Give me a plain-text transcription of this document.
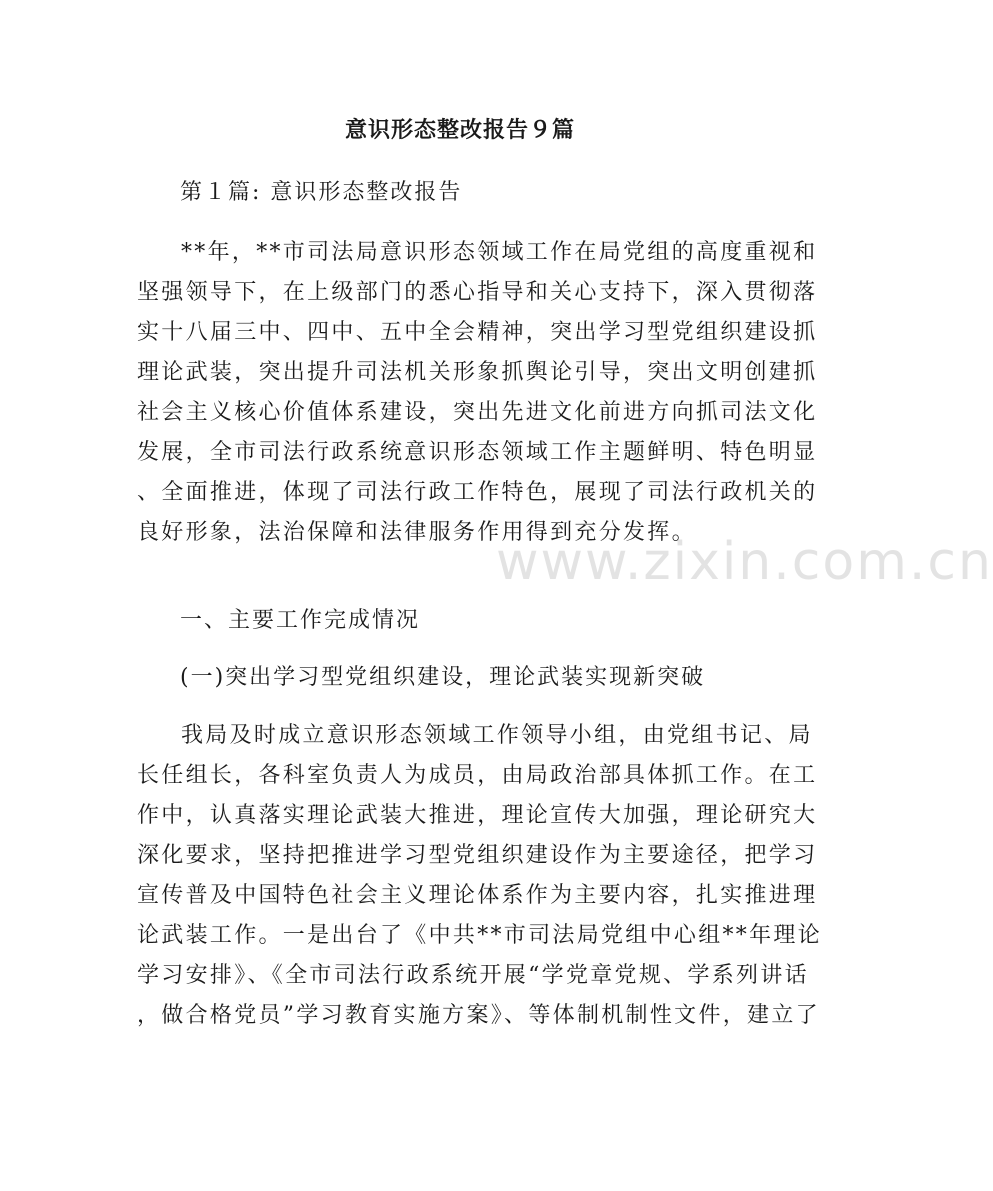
www.zixin.com.cn
意识形态整改报告９篇
第１篇: 意识形态整改报告
**年，**市司法局意识形态领域工作在局党组的高度重视和
坚强领导下，在上级部门的悉心指导和关心支持下，深入贯彻落
实十八届三中、四中、五中全会精神，突出学习型党组织建设抓
理论武装，突出提升司法机关形象抓舆论引导，突出文明创建抓
社会主义核心价值体系建设，突出先进文化前进方向抓司法文化
发展，全市司法行政系统意识形态领域工作主题鲜明、特色明显
、全面推进，体现了司法行政工作特色，展现了司法行政机关的
良好形象，法治保障和法律服务作用得到充分发挥。
一、主要工作完成情况
(一)突出学习型党组织建设，理论武装实现新突破
我局及时成立意识形态领域工作领导小组，由党组书记、局
长任组长，各科室负责人为成员，由局政治部具体抓工作。在工
作中，认真落实理论武装大推进，理论宣传大加强，理论研究大
深化要求，坚持把推进学习型党组织建设作为主要途径，把学习
宣传普及中国特色社会主义理论体系作为主要内容，扎实推进理
论武装工作。一是出台了《中共**市司法局党组中心组**年理论
学习安排》、《全市司法行政系统开展“学党章党规、学系列讲话
，做合格党员”学习教育实施方案》、等体制机制性文件，建立了
